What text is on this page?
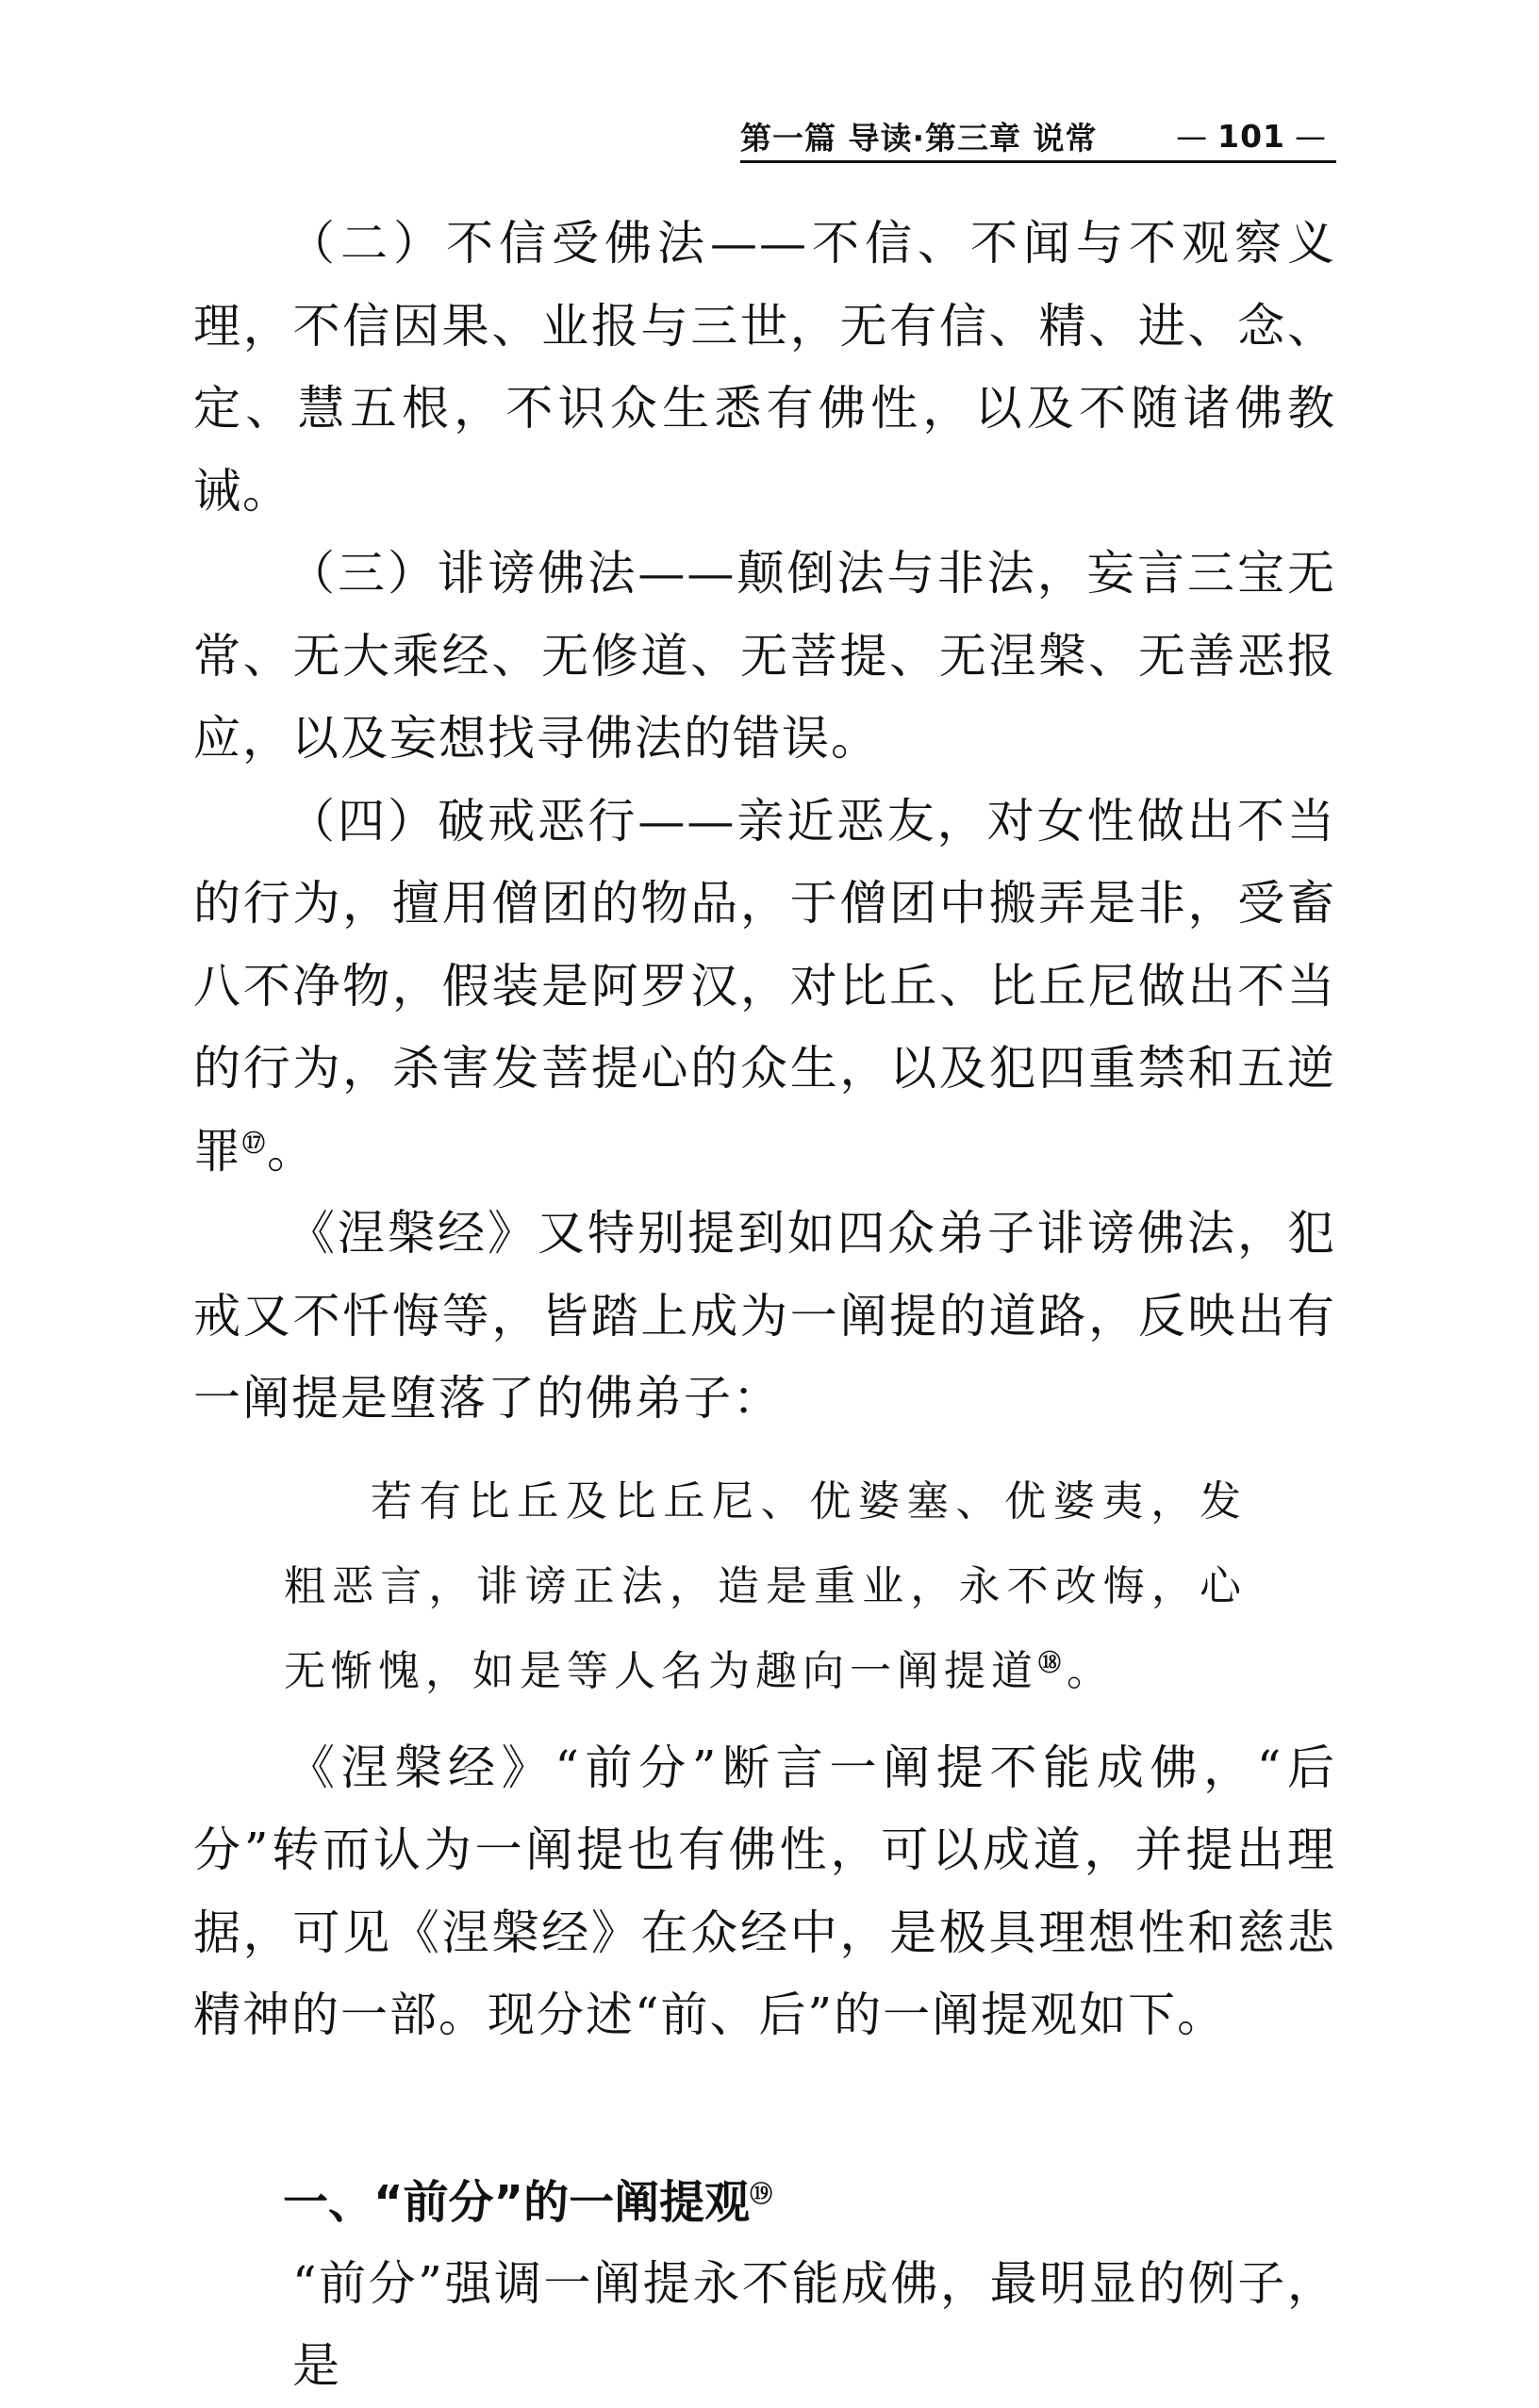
第一篇 导读·第三章 说常	— 101 —

（二）不信受佛法——不信、不闻与不观察义理，不信因果、业报与三世，无有信、精、进、念、定、慧五根，不识众生悉有佛性，以及不随诸佛教诫。

（三）诽谤佛法——颠倒法与非法，妄言三宝无常、无大乘经、无修道、无菩提、无涅槃、无善恶报应，以及妄想找寻佛法的错误。

（四）破戒恶行——亲近恶友，对女性做出不当的行为，擅用僧团的物品，于僧团中搬弄是非，受畜八不净物，假装是阿罗汉，对比丘、比丘尼做出不当的行为，杀害发菩提心的众生，以及犯四重禁和五逆罪⑰。

《涅槃经》又特别提到如四众弟子诽谤佛法，犯戒又不忏悔等，皆踏上成为一阐提的道路，反映出有一阐提是堕落了的佛弟子：

若有比丘及比丘尼、优婆塞、优婆夷，发粗恶言，诽谤正法，造是重业，永不改悔，心无惭愧，如是等人名为趣向一阐提道⑱。

《涅槃经》“前分”断言一阐提不能成佛，“后分”转而认为一阐提也有佛性，可以成道，并提出理据，可见《涅槃经》在众经中，是极具理想性和慈悲精神的一部。现分述“前、后”的一阐提观如下。

一、“前分”的一阐提观⑲

“前分”强调一阐提永不能成佛，最明显的例子，是
